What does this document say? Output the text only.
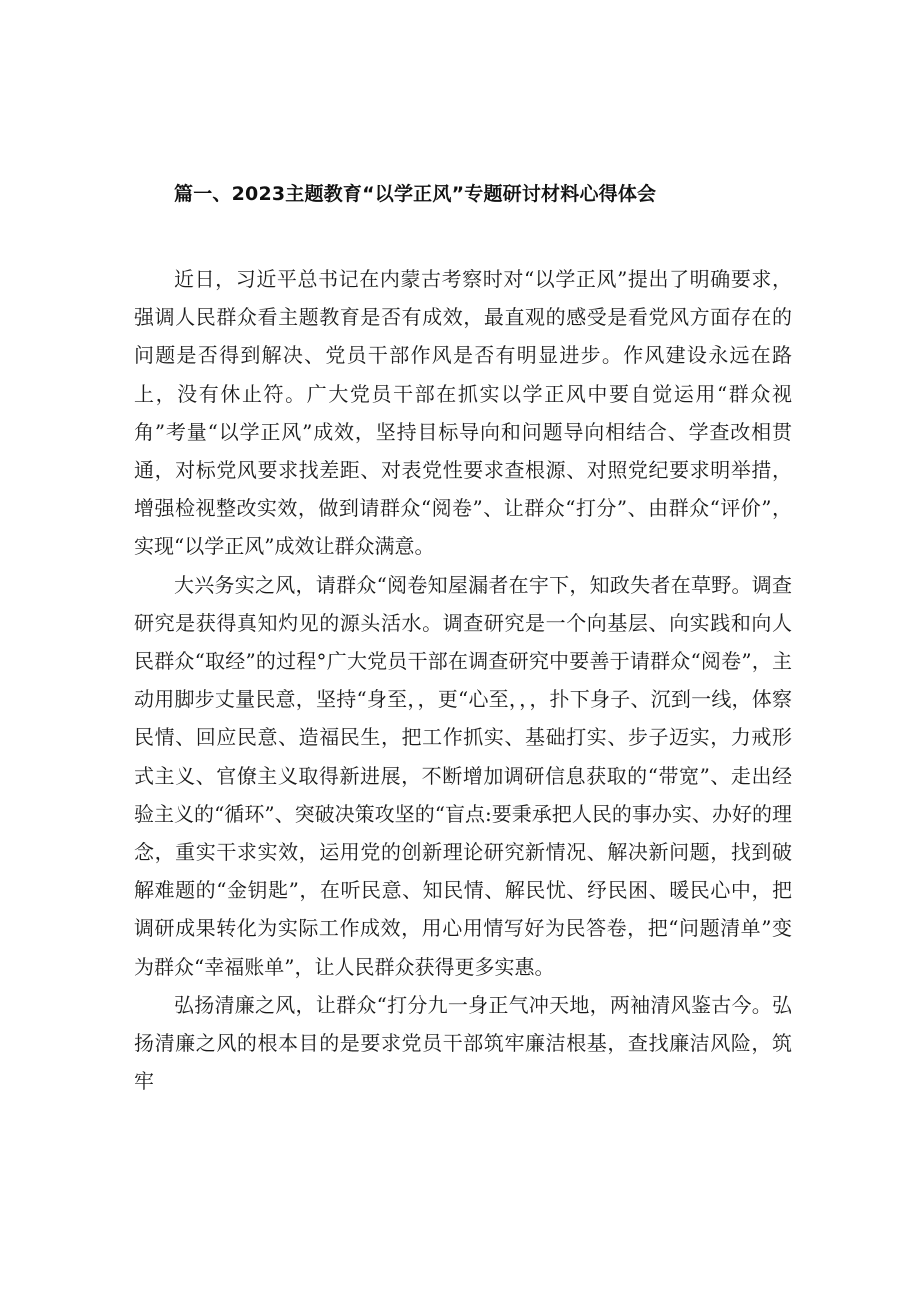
篇一、2023主题教育“以学正风”专题研讨材料心得体会

近日，习近平总书记在内蒙古考察时对“以学正风”提出了明确要求，强调人民群众看主题教育是否有成效，最直观的感受是看党风方面存在的问题是否得到解决、党员干部作风是否有明显进步。作风建设永远在路上，没有休止符。广大党员干部在抓实以学正风中要自觉运用“群众视角”考量“以学正风”成效，坚持目标导向和问题导向相结合、学查改相贯通，对标党风要求找差距、对表党性要求查根源、对照党纪要求明举措，增强检视整改实效，做到请群众“阅卷”、让群众“打分”、由群众“评价”，实现“以学正风”成效让群众满意。

大兴务实之风，请群众“阅卷知屋漏者在宇下，知政失者在草野。调查研究是获得真知灼见的源头活水。调查研究是一个向基层、向实践和向人民群众“取经”的过程°广大党员干部在调查研究中要善于请群众“阅卷”，主动用脚步丈量民意，坚持“身至，，更“心至，，，扑下身子、沉到一线，体察民情、回应民意、造福民生，把工作抓实、基础打实、步子迈实，力戒形式主义、官僚主义取得新进展，不断增加调研信息获取的“带宽”、走出经验主义的“循环”、突破决策攻坚的“盲点:要秉承把人民的事办实、办好的理念，重实干求实效，运用党的创新理论研究新情况、解决新问题，找到破解难题的“金钥匙”，在听民意、知民情、解民忧、纾民困、暖民心中，把调研成果转化为实际工作成效，用心用情写好为民答卷，把“问题清单”变为群众“幸福账单”，让人民群众获得更多实惠。

弘扬清廉之风，让群众“打分九一身正气冲天地，两袖清风鉴古今。弘扬清廉之风的根本目的是要求党员干部筑牢廉洁根基，查找廉洁风险，筑牢
